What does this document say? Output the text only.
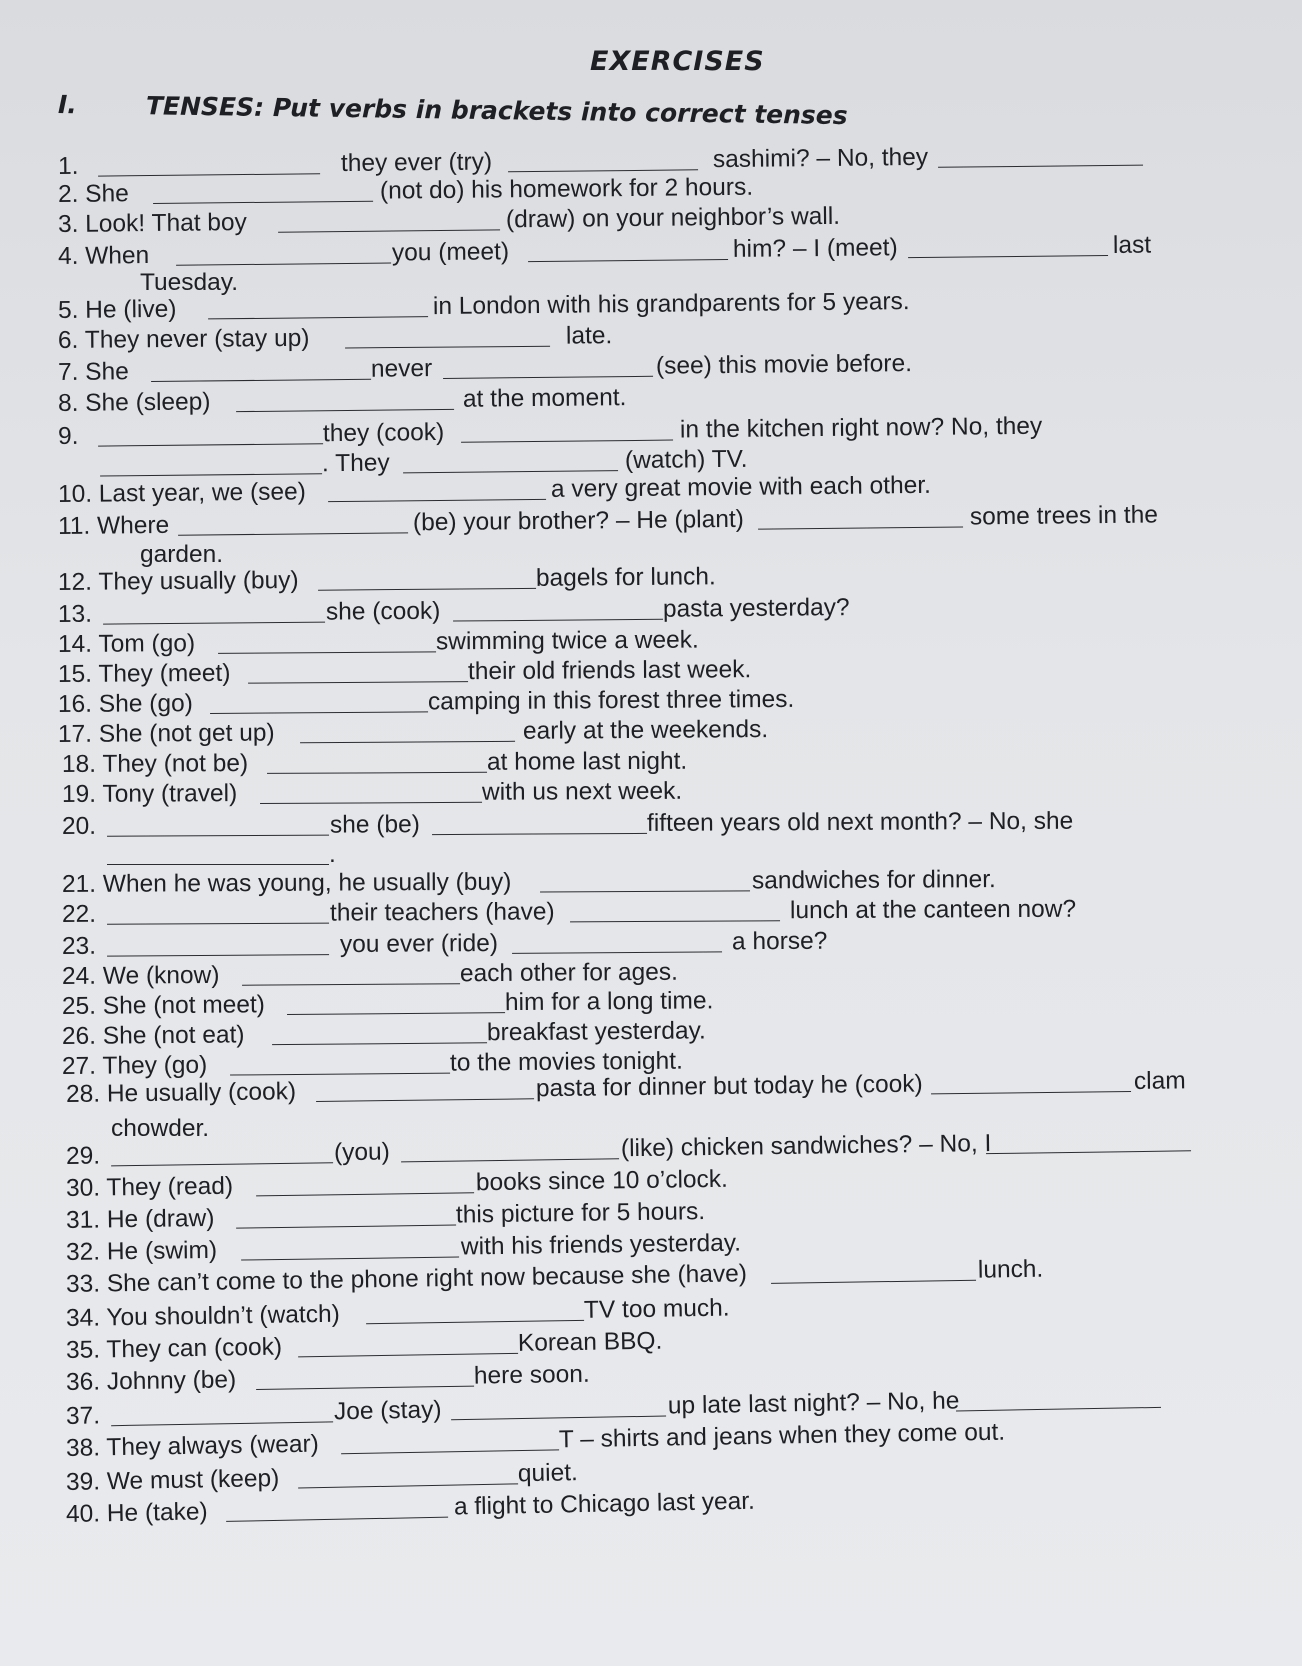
EXERCISES
I.	TENSES: Put verbs in brackets into correct tenses
1.	they ever (try)	sashimi? – No, they
2. She	(not do) his homework for 2 hours.
3. Look! That boy	(draw) on your neighbor’s wall.
4. When	you (meet)	him? – I (meet)	last
Tuesday.
5. He (live)	in London with his grandparents for 5 years.
6. They never (stay up)	late.
7. She	never	(see) this movie before.
8. She (sleep)	at the moment.
9.	they (cook)	in the kitchen right now? No, they
. They	(watch) TV.
10. Last year, we (see)	a very great movie with each other.
11. Where	(be) your brother? – He (plant)	some trees in the
garden.
12. They usually (buy)	bagels for lunch.
13.	she (cook)	pasta yesterday?
14. Tom (go)	swimming twice a week.
15. They (meet)	their old friends last week.
16. She (go)	camping in this forest three times.
17. She (not get up)	early at the weekends.
18. They (not be)	at home last night.
19. Tony (travel)	with us next week.
20.	she (be)	fifteen years old next month? – No, she
.
21. When he was young, he usually (buy)	sandwiches for dinner.
22.	their teachers (have)	lunch at the canteen now?
23.	you ever (ride)	a horse?
24. We (know)	each other for ages.
25. She (not meet)	him for a long time.
26. She (not eat)	breakfast yesterday.
27. They (go)	to the movies tonight.
28. He usually (cook)	pasta for dinner but today he (cook)	clam
chowder.
29.	(you)	(like) chicken sandwiches? – No, I
30. They (read)	books since 10 o’clock.
31. He (draw)	this picture for 5 hours.
32. He (swim)	with his friends yesterday.
33. She can’t come to the phone right now because she (have)	lunch.
34. You shouldn’t (watch)	TV too much.
35. They can (cook)	Korean BBQ.
36. Johnny (be)	here soon.
37.	Joe (stay)	up late last night? – No, he
38. They always (wear)	T – shirts and jeans when they come out.
39. We must (keep)	quiet.
40. He (take)	a flight to Chicago last year.
